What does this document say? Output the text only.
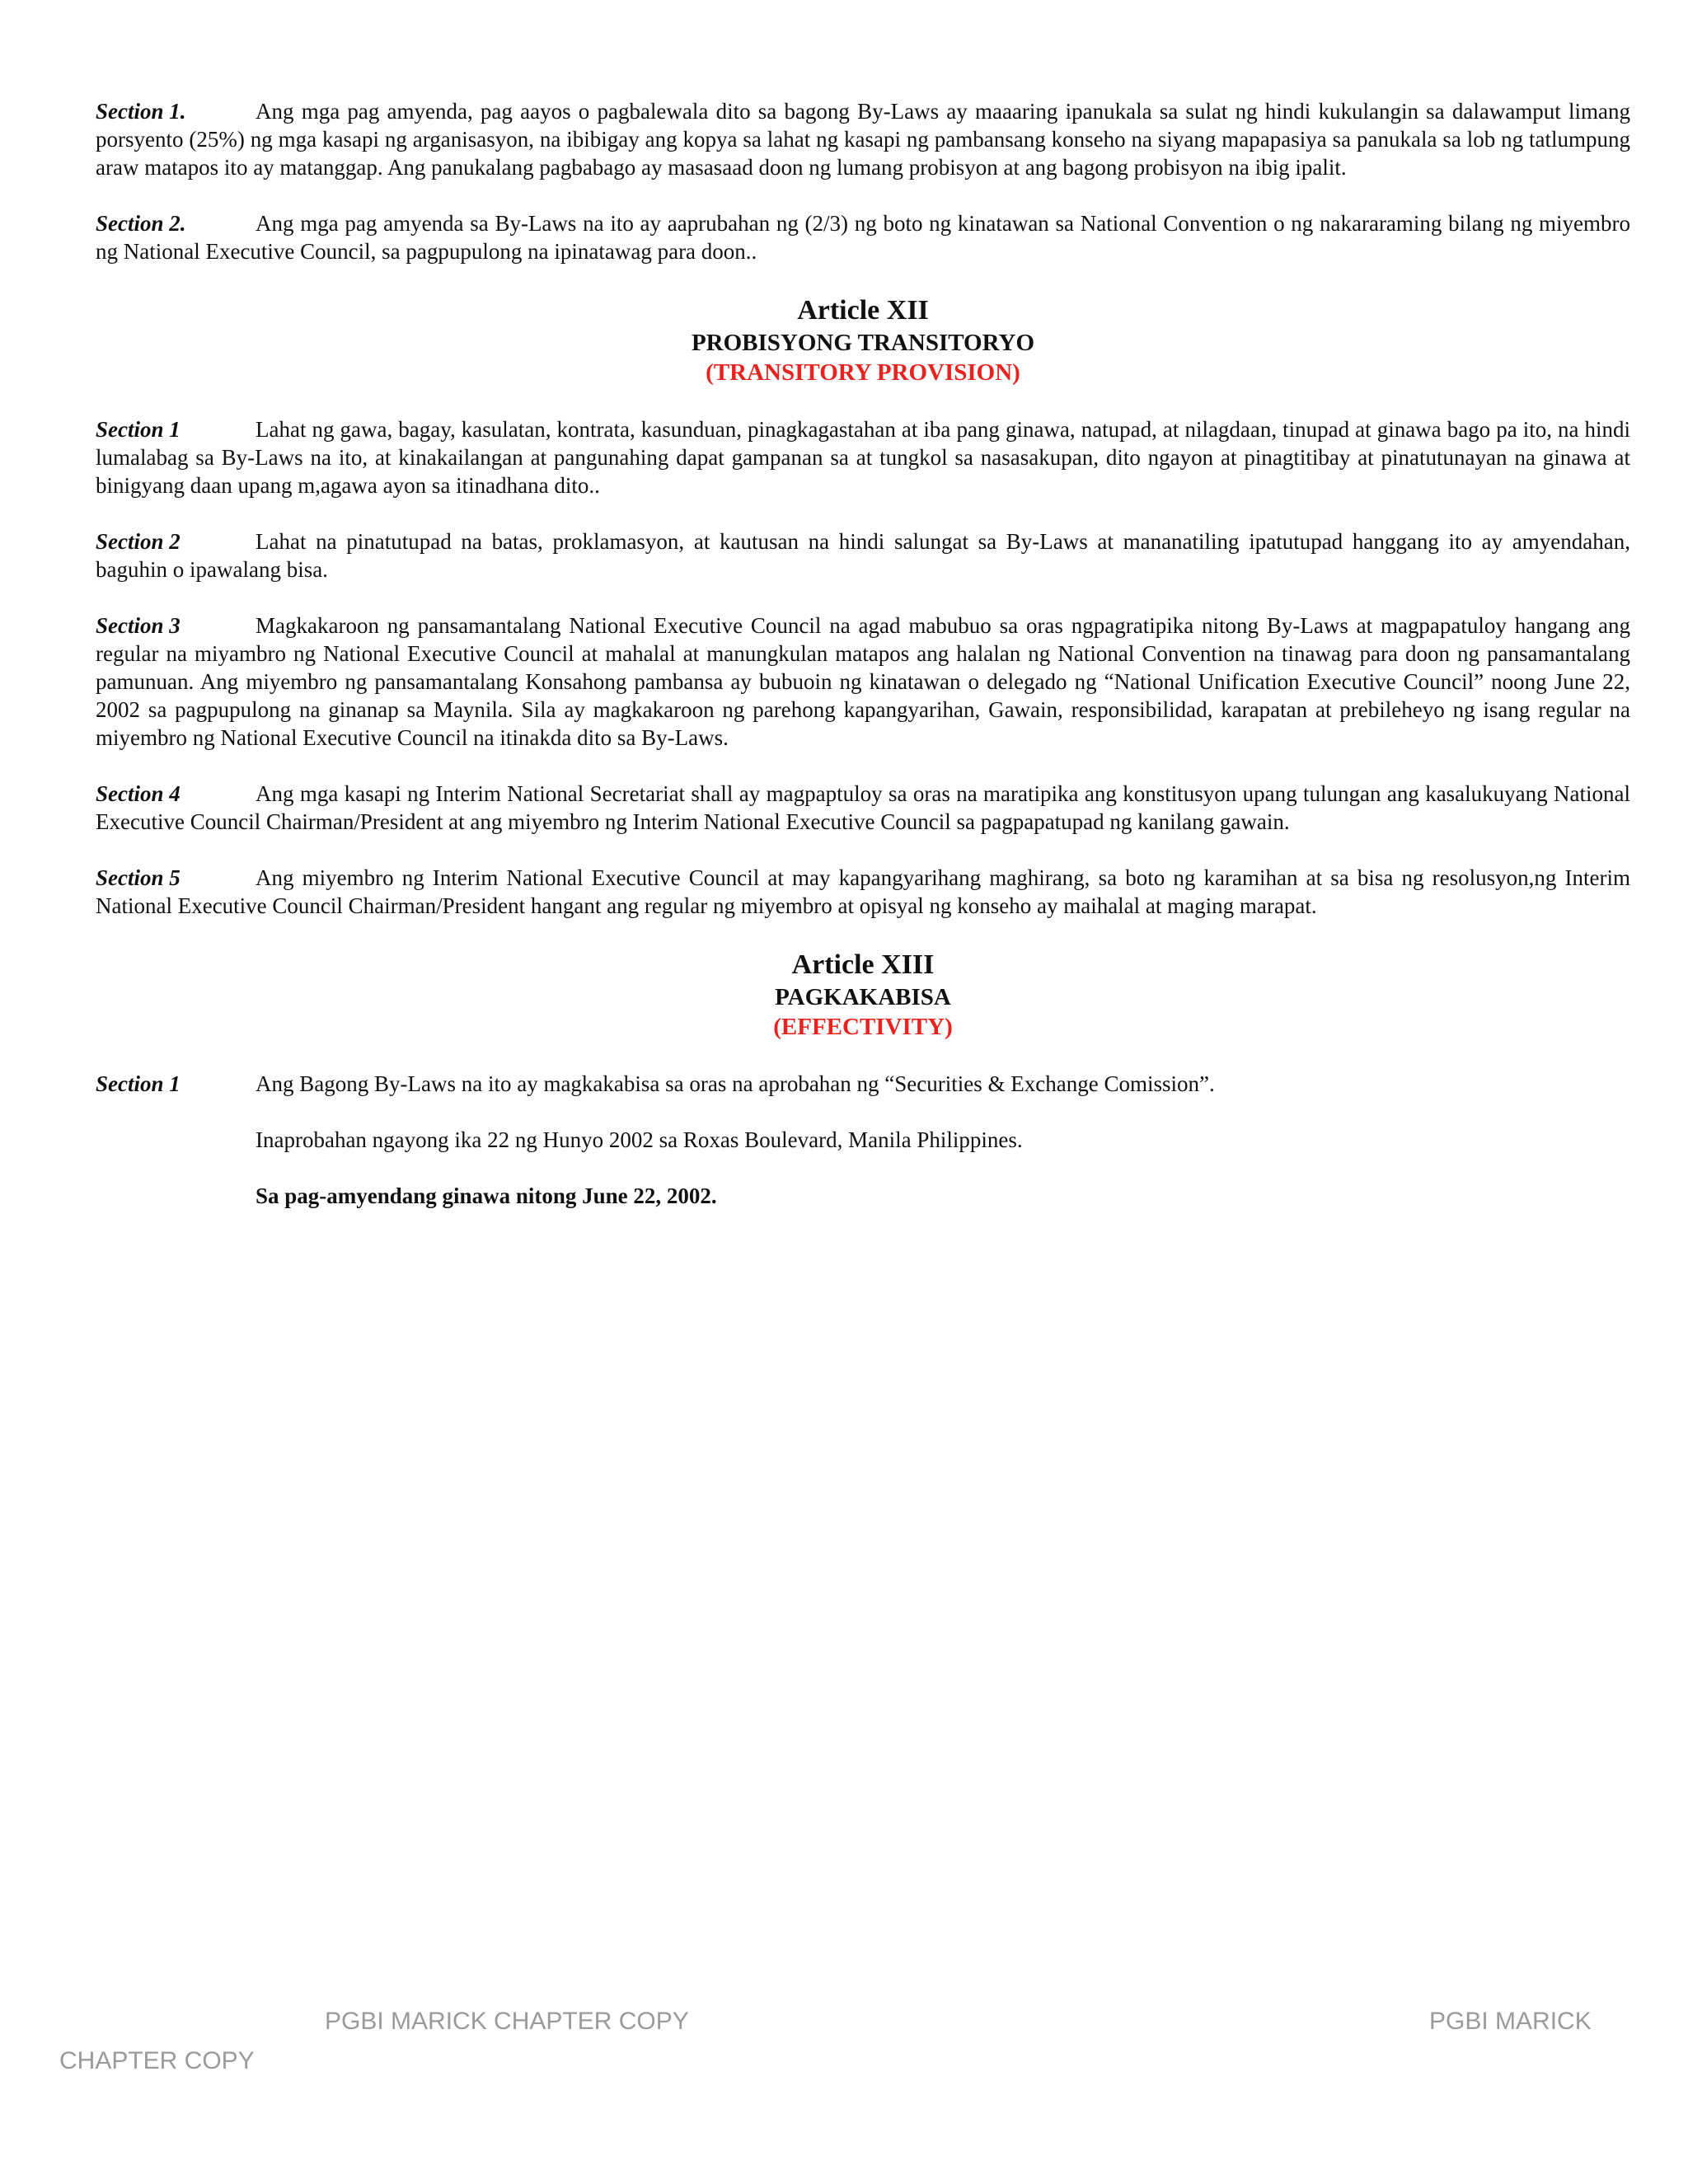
Section 1.	Ang mga pag amyenda, pag aayos o pagbalewala dito sa bagong By-Laws ay maaaring ipanukala sa sulat ng hindi kukulangin sa dalawamput limang porsyento (25%) ng mga kasapi ng arganisasyon, na ibibigay ang kopya sa lahat ng kasapi ng pambansang konseho na siyang mapapasiya sa panukala sa lob ng tatlumpung araw matapos ito ay matanggap. Ang panukalang pagbabago ay masasaad doon ng lumang probisyon at ang bagong probisyon na ibig ipalit.

Section 2.	Ang mga pag amyenda sa By-Laws na ito ay aaprubahan ng (2/3) ng boto ng kinatawan sa National Convention o ng nakararaming bilang ng miyembro ng National Executive Council, sa pagpupulong na ipinatawag para doon..

Article XII
PROBISYONG TRANSITORYO
(TRANSITORY PROVISION)

Section 1	Lahat ng gawa, bagay, kasulatan, kontrata, kasunduan, pinagkagastahan at iba pang ginawa, natupad, at nilagdaan, tinupad at ginawa bago pa ito, na hindi lumalabag sa By-Laws na ito, at kinakailangan at pangunahing dapat gampanan sa at tungkol sa nasasakupan, dito ngayon at pinagtitibay at pinatutunayan na ginawa at binigyang daan upang m,agawa ayon sa itinadhana dito..

Section 2	Lahat na pinatutupad na batas, proklamasyon, at kautusan na hindi salungat sa By-Laws at mananatiling ipatutupad hanggang ito ay amyendahan, baguhin o ipawalang bisa.

Section 3	Magkakaroon ng pansamantalang National Executive Council na agad mabubuo sa oras ngpagratipika nitong By-Laws at magpapatuloy hangang ang regular na miyambro ng National Executive Council at mahalal at manungkulan matapos ang halalan ng National Convention na tinawag para doon ng pansamantalang pamunuan. Ang miyembro ng pansamantalang Konsahong pambansa ay bubuoin ng kinatawan o delegado ng “National Unification Executive Council” noong June 22, 2002 sa pagpupulong na ginanap sa Maynila. Sila ay magkakaroon ng parehong kapangyarihan, Gawain, responsibilidad, karapatan at prebileheyo ng isang regular na miyembro ng National Executive Council na itinakda dito sa By-Laws.

Section 4	Ang mga kasapi ng Interim National Secretariat shall ay magpaptuloy sa oras na maratipika ang konstitusyon upang tulungan ang kasalukuyang National Executive Council Chairman/President at ang miyembro ng Interim National Executive Council sa pagpapatupad ng kanilang gawain.

Section 5	Ang miyembro ng Interim National Executive Council at may kapangyarihang maghirang, sa boto ng karamihan at sa bisa ng resolusyon,ng Interim National Executive Council Chairman/President hangant ang regular ng miyembro at opisyal ng konseho ay maihalal at maging marapat.

Article XIII
PAGKAKABISA
(EFFECTIVITY)

Section 1	Ang Bagong By-Laws na ito ay magkakabisa sa oras na aprobahan ng “Securities & Exchange Comission”.

Inaprobahan ngayong ika 22 ng Hunyo 2002 sa Roxas Boulevard, Manila Philippines.

Sa pag-amyendang ginawa nitong June 22, 2002.

PGBI MARICK CHAPTER COPY	PGBI MARICK
CHAPTER COPY
